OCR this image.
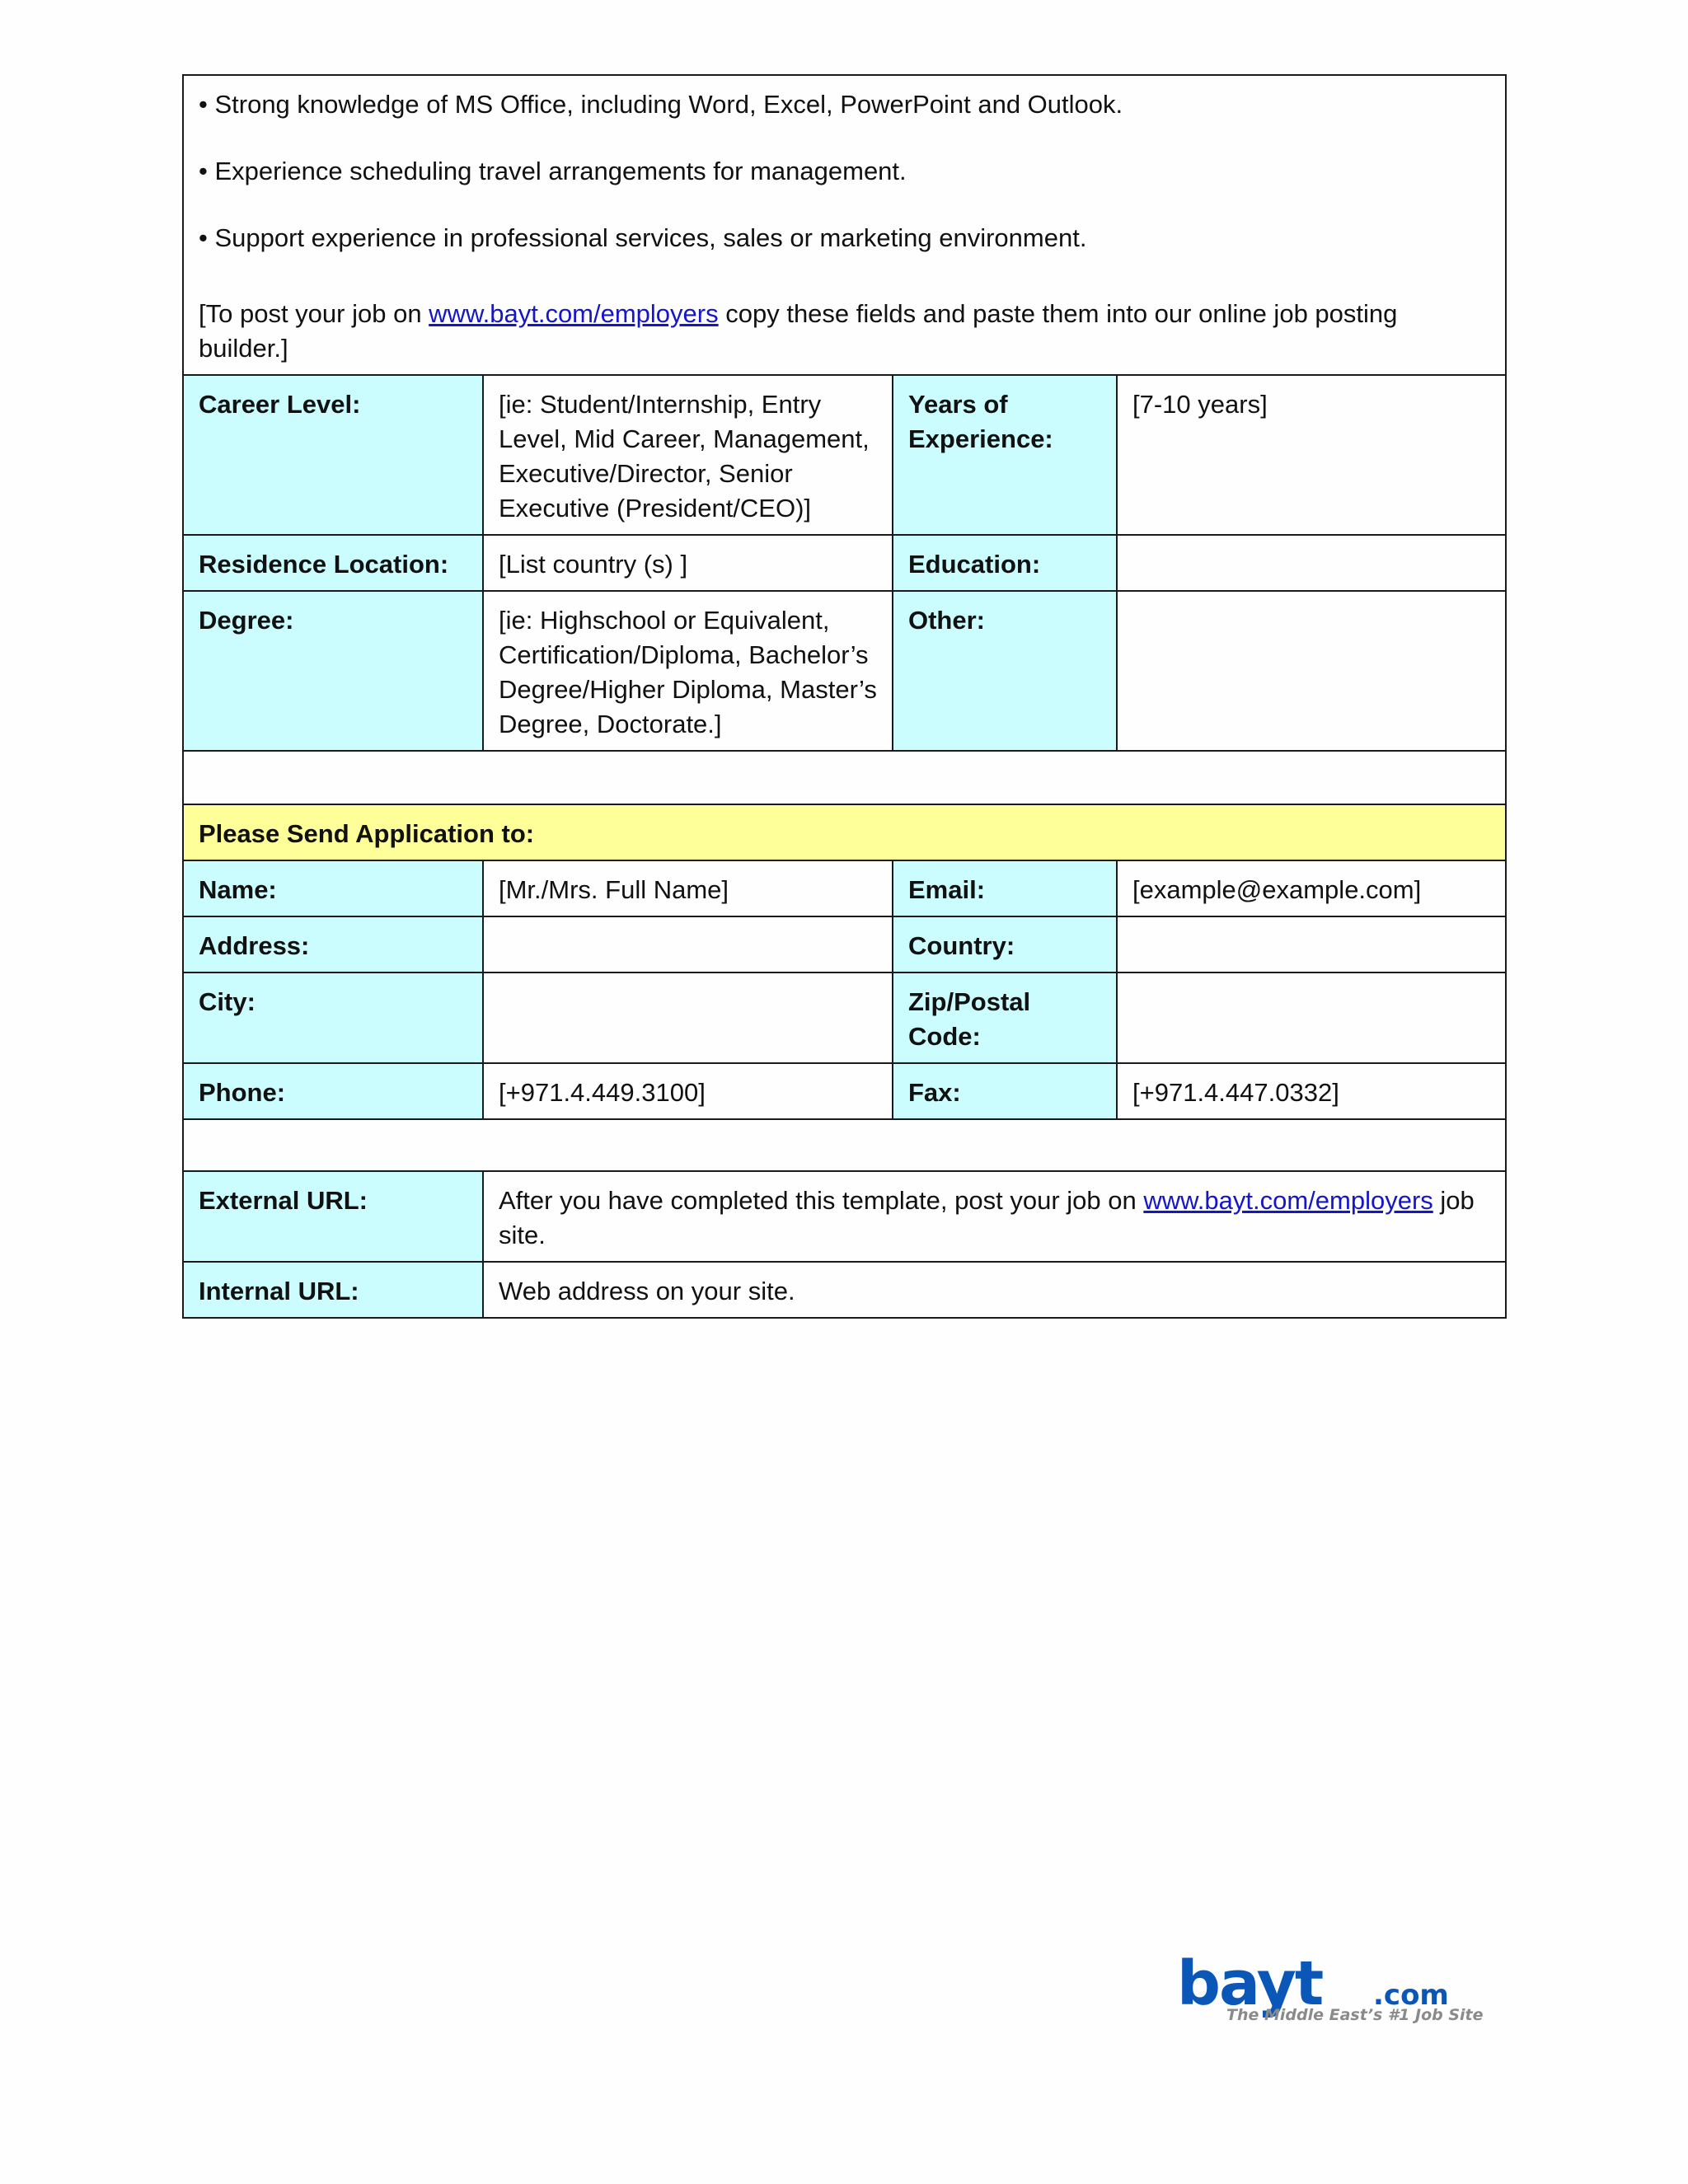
• Strong knowledge of MS Office, including Word, Excel, PowerPoint and Outlook.

• Experience scheduling travel arrangements for management.

• Support experience in professional services, sales or marketing environment.

[To post your job on www.bayt.com/employers copy these fields and paste them into our online job posting builder.]			

Career Level:	[ie: Student/Internship, Entry Level, Mid Career, Management, Executive/Director, Senior Executive (President/CEO)]	Years of Experience:	[7-10 years]
Residence Location:	[List country (s) ]	Education:	
Degree:	[ie: Highschool or Equivalent, Certification/Diploma, Bachelor’s Degree/Higher Diploma, Master’s Degree, Doctorate.]	Other:	

Please Send Application to:			
Name:	[Mr./Mrs. Full Name]	Email:	[example@example.com]
Address:		Country:	
City:		Zip/Postal Code:	
Phone:	[+971.4.449.3100]	Fax:	[+971.4.447.0332]

External URL:	After you have completed this template, post your job on www.bayt.com/employers job site.		
Internal URL:	Web address on your site.		
bayt .com
The Middle East’s #1 Job Site
